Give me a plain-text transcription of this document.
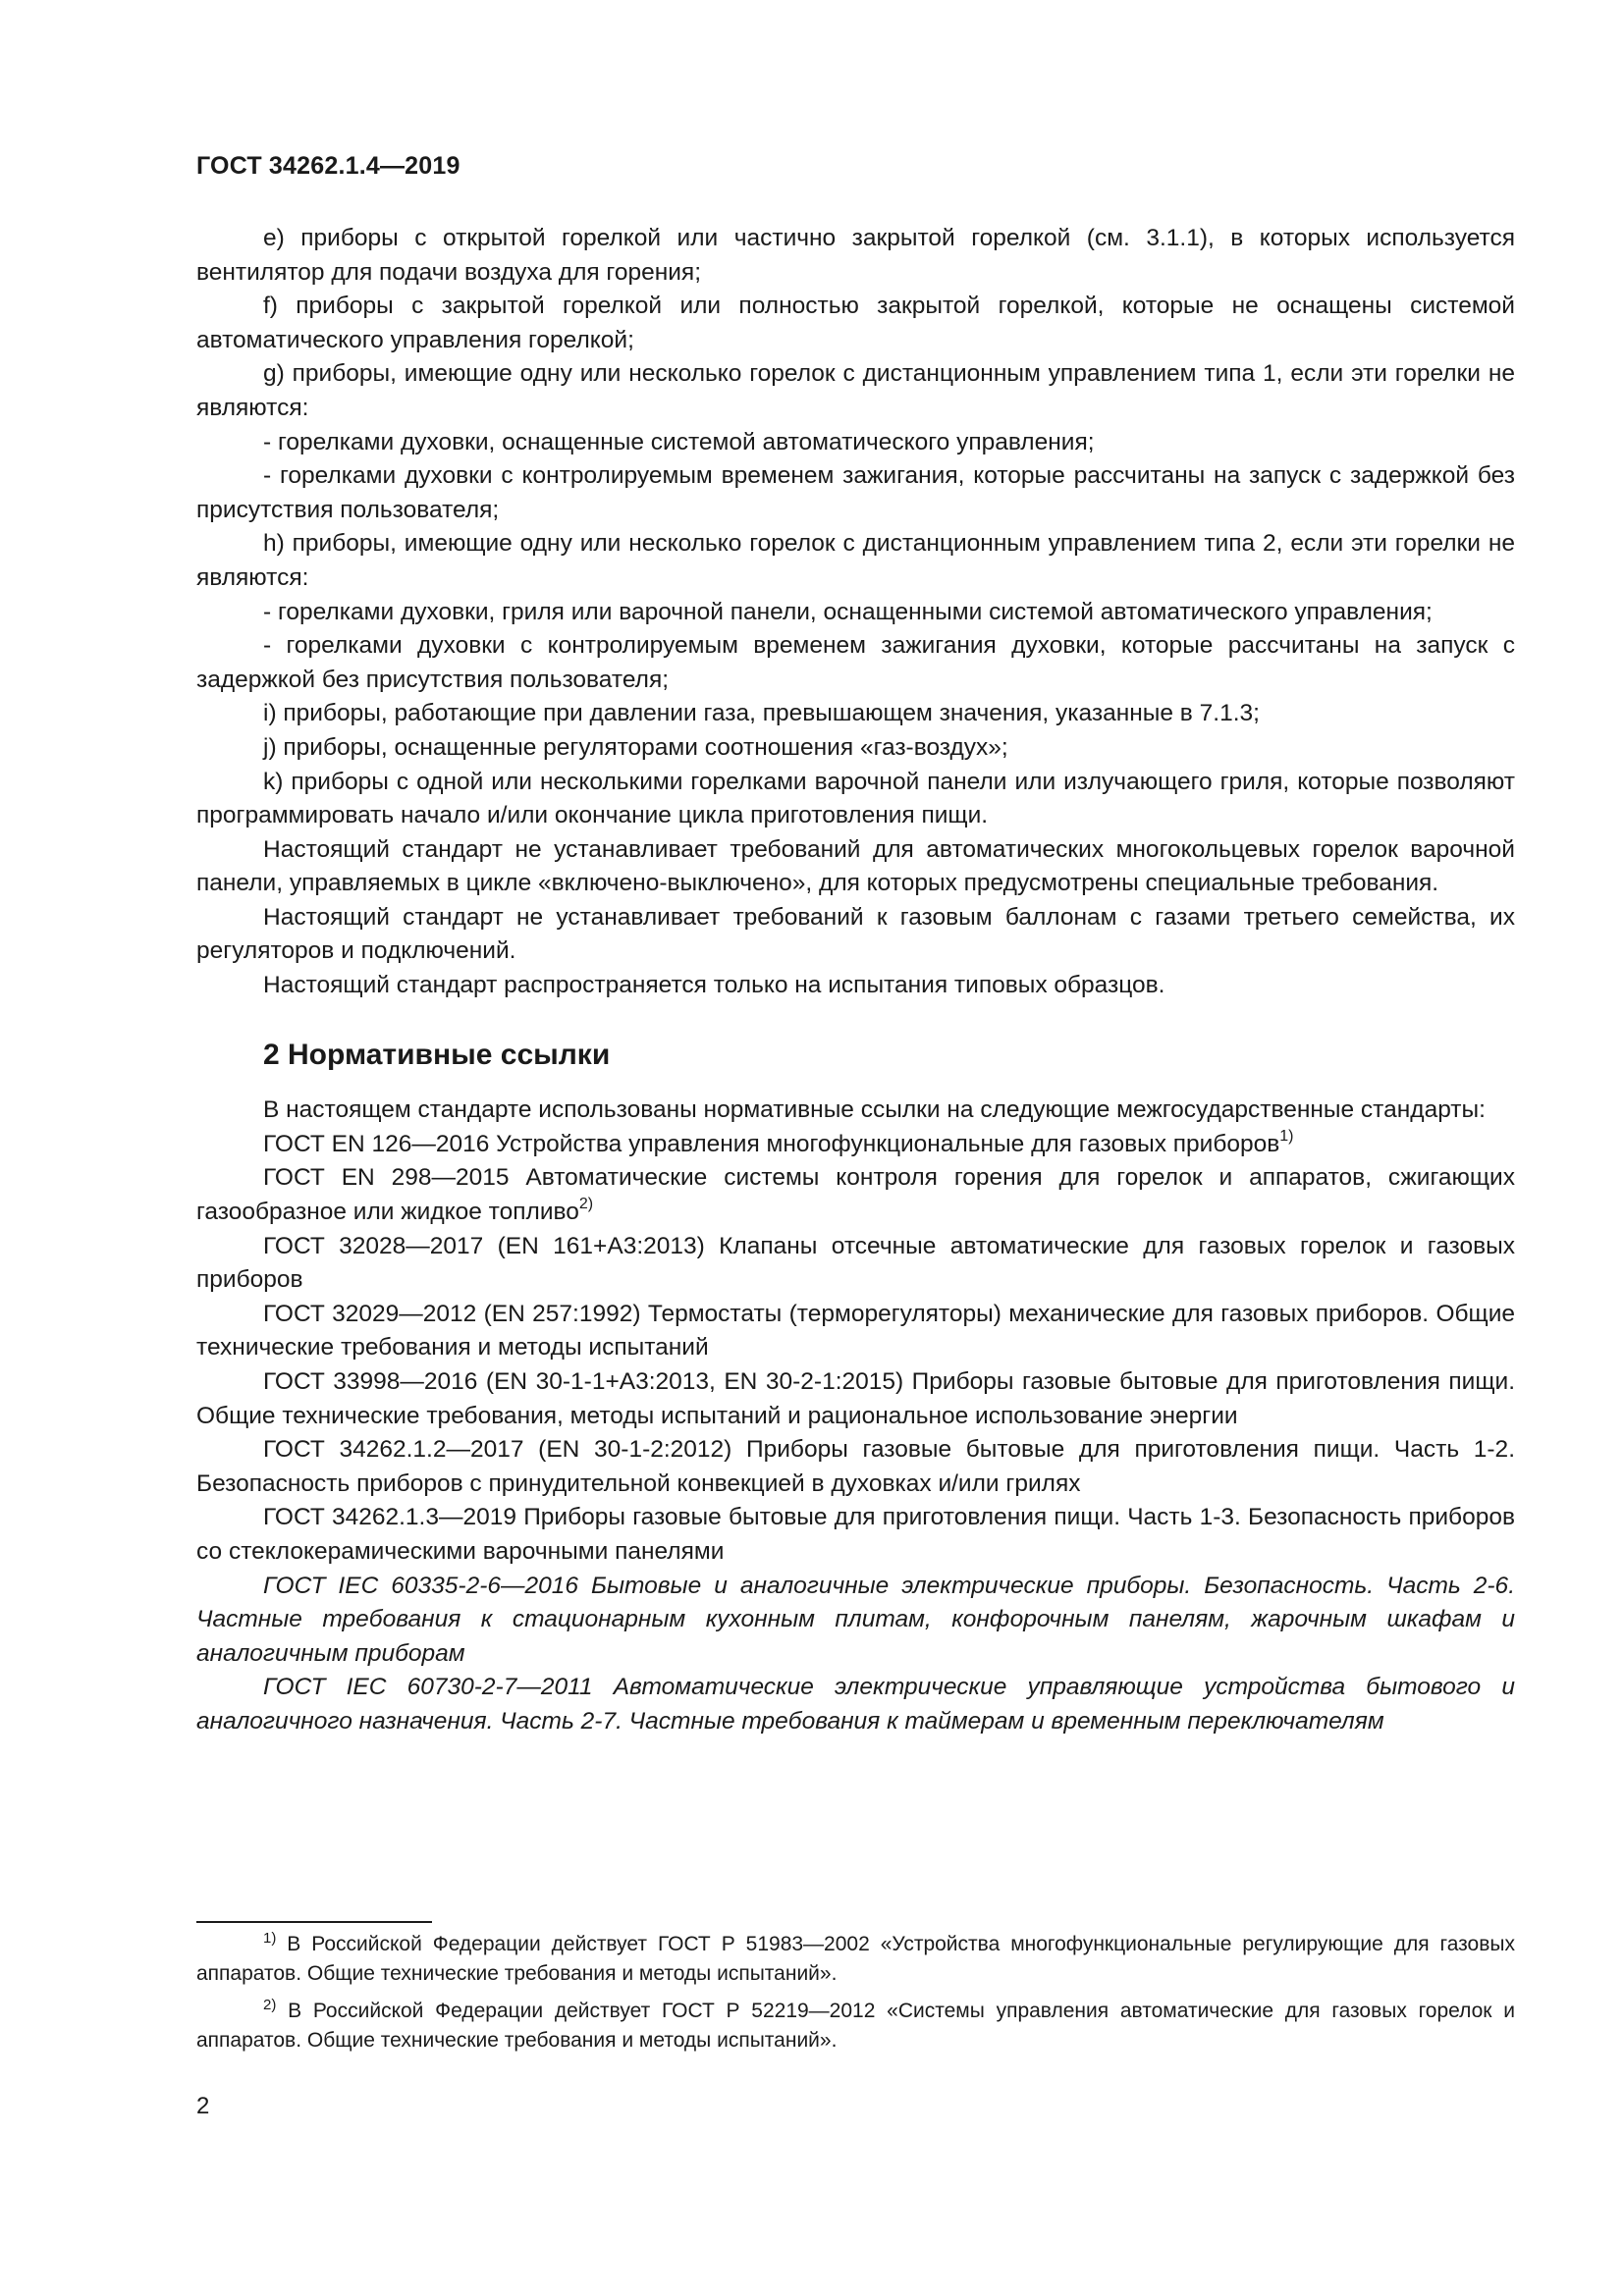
ГОСТ 34262.1.4—2019

е) приборы с открытой горелкой или частично закрытой горелкой (см. 3.1.1), в которых используется вентилятор для подачи воздуха для горения;

f) приборы с закрытой горелкой или полностью закрытой горелкой, которые не оснащены системой автоматического управления горелкой;

g) приборы, имеющие одну или несколько горелок с дистанционным управлением типа 1, если эти горелки не являются:

- горелками духовки, оснащенные системой автоматического управления;

- горелками духовки с контролируемым временем зажигания, которые рассчитаны на запуск с задержкой без присутствия пользователя;

h) приборы, имеющие одну или несколько горелок с дистанционным управлением типа 2, если эти горелки не являются:

- горелками духовки, гриля или варочной панели, оснащенными системой автоматического управления;

- горелками духовки с контролируемым временем зажигания духовки, которые рассчитаны на запуск с задержкой без присутствия пользователя;

i) приборы, работающие при давлении газа, превышающем значения, указанные в 7.1.3;

j) приборы, оснащенные регуляторами соотношения «газ-воздух»;

k) приборы с одной или несколькими горелками варочной панели или излучающего гриля, которые позволяют программировать начало и/или окончание цикла приготовления пищи.

Настоящий стандарт не устанавливает требований для автоматических многокольцевых горелок варочной панели, управляемых в цикле «включено-выключено», для которых предусмотрены специальные требования.

Настоящий стандарт не устанавливает требований к газовым баллонам с газами третьего семейства, их регуляторов и подключений.

Настоящий стандарт распространяется только на испытания типовых образцов.

2 Нормативные ссылки

В настоящем стандарте использованы нормативные ссылки на следующие межгосударственные стандарты:

ГОСТ EN 126—2016 Устройства управления многофункциональные для газовых приборов$^{1)}$

ГОСТ EN 298—2015 Автоматические системы контроля горения для горелок и аппаратов, сжигающих газообразное или жидкое топливо$^{2)}$

ГОСТ 32028—2017 (EN 161+A3:2013) Клапаны отсечные автоматические для газовых горелок и газовых приборов

ГОСТ 32029—2012 (EN 257:1992) Термостаты (терморегуляторы) механические для газовых приборов. Общие технические требования и методы испытаний

ГОСТ 33998—2016 (EN 30-1-1+A3:2013, EN 30-2-1:2015) Приборы газовые бытовые для приготовления пищи. Общие технические требования, методы испытаний и рациональное использование энергии

ГОСТ 34262.1.2—2017 (EN 30-1-2:2012) Приборы газовые бытовые для приготовления пищи. Часть 1-2. Безопасность приборов с принудительной конвекцией в духовках и/или грилях

ГОСТ 34262.1.3—2019 Приборы газовые бытовые для приготовления пищи. Часть 1-3. Безопасность приборов со стеклокерамическими варочными панелями

ГОСТ IEC 60335-2-6—2016 Бытовые и аналогичные электрические приборы. Безопасность. Часть 2-6. Частные требования к стационарным кухонным плитам, конфорочным панелям, жарочным шкафам и аналогичным приборам

ГОСТ IEC 60730-2-7—2011 Автоматические электрические управляющие устройства бытового и аналогичного назначения. Часть 2-7. Частные требования к таймерам и временным переключателям

$^{1)}$ В Российской Федерации действует ГОСТ Р 51983—2002 «Устройства многофункциональные регулирующие для газовых аппаратов. Общие технические требования и методы испытаний».

$^{2)}$ В Российской Федерации действует ГОСТ Р 52219—2012 «Системы управления автоматические для газовых горелок и аппаратов. Общие технические требования и методы испытаний».

2
